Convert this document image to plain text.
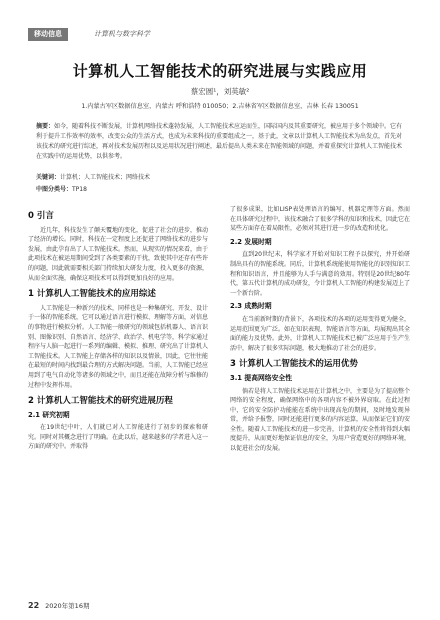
移动信息	计算机与数字科学
计算机人工智能技术的研究进展与实践应用
蔡宏圆¹，刘英敏²
1.内蒙古军区数据信息室，内蒙古 呼和浩特 010050；2.吉林省军区数据信息室，吉林 长春 130051
摘要：如今，随着科技不断发展，计算机网络技术蓬勃发展，人工智能技术应运而生，国际国内及其重要研究，被应用于多个领域中。它有利于提升工作效率的效率，改变公众的生活方式，也成为未来科技的重要组成之一，基于此，文章以计算机人工智能技术为出发点，首先对该技术的研究进行综述，再对技术发展历程以及运用状况进行阐述，最后提出人类未来在智能领域的问题，并着重探究计算机人工智能技术在实践中的运用优势，以供参考。
关键词：计算机；人工智能技术；网络技术
中图分类号：TP18
0 引言

近几年，科技发生了颠天覆地的变化，促进了社会的进步，推动了经济的增长。同时，科技在一定程度上还促进了网络技术的进步与发展，由此孕育出了人工智能技术。然而，从现实的情况来看，由于此项技术在被运用期间受到了各类要素的干扰，致使其中还存有些许的问题，因此就需要相关部门持续加大研发力度，投入更多的资源，从而全面实施，确保这项技术可以得到更加良好的应用。

1 计算机人工智能技术的应用综述

人工智能是一种新兴的技术，同样也是一种集研究、开发、设计于一体的智能系统，它可以通过语言进行模拟、理解等方面，对信息的事物进行模拟分析。人工智能一般研究的领域包括机器人、语言识别、图像识别、自然语言、经济学、政治学、机电学等，科学家通过程序与人脑一起进行一系列的编辑、模拟、推理、研究出了计算机人工智能技术。人工智能上存储各样的知识以及情景，因此，它往往能在最短的时间内找到最合理的方式解决问题。当前，人工智能已经应用到了电气自动化等诸多的领域之中，而且还能在故障分析与维修的过程中发挥作用。

2 计算机人工智能技术的研究进展历程
2.1 研究初期

在19世纪中叶，人们就已对人工智能进行了初步的探索和研究。同时对其概念进行了明确。在此以后，越来越多的学者进入这一方面的研究中。并取得

了很多成果，比如LISP表处理语言的编写、机器定理等方面。然而在具体研究过程中，该技术融合了很多学科的知识和技术，因此它在某些方面存在着局限性，必须对其进行进一步的改造和优化。

2.2 发展时期

直到20世纪末，科学家才开始对知识工程予以探究，并开始研制出具有的智能系统。同后，计算机系统能使用智能化的识别知识工程和知识语言，并且能够为人手与满意的效用。特别是20世纪80年代，第五代计算机的成功研发，令计算机人工智能的构建发展迈上了一个新台阶。

2.3 成熟时期

在当前新时期的背景下，各项技术的各项的运用变得更为健全，运用范围更为广泛。如在知识表现、智能语言等方面，均展现出其全面的能力及优势。此外，计算机人工智能技术已被广泛应用于生产生活中，解决了很多实际问题，极大地推动了社会的进步。

3 计算机人工智能技术的运用优势
3.1 提高网络安全性

倘若是将人工智能技术运用在计算机之中，主要是为了提高整个网络的安全程度，确保网络中的各项内容不被外界窃取。在此过程中，它的安全防护功能能在系统中出现高危的期间，及时地发现异常，并给予报警，同时还能进行更多的内容运算，从而保证它们的安全性。随着人工智能技术的进一步完善，计算机的安全性将得到大幅度提升，从而更好地保证信息的安全，为用户营造更好的网络环境，以促进社会的发展。

22 2020年第16期
